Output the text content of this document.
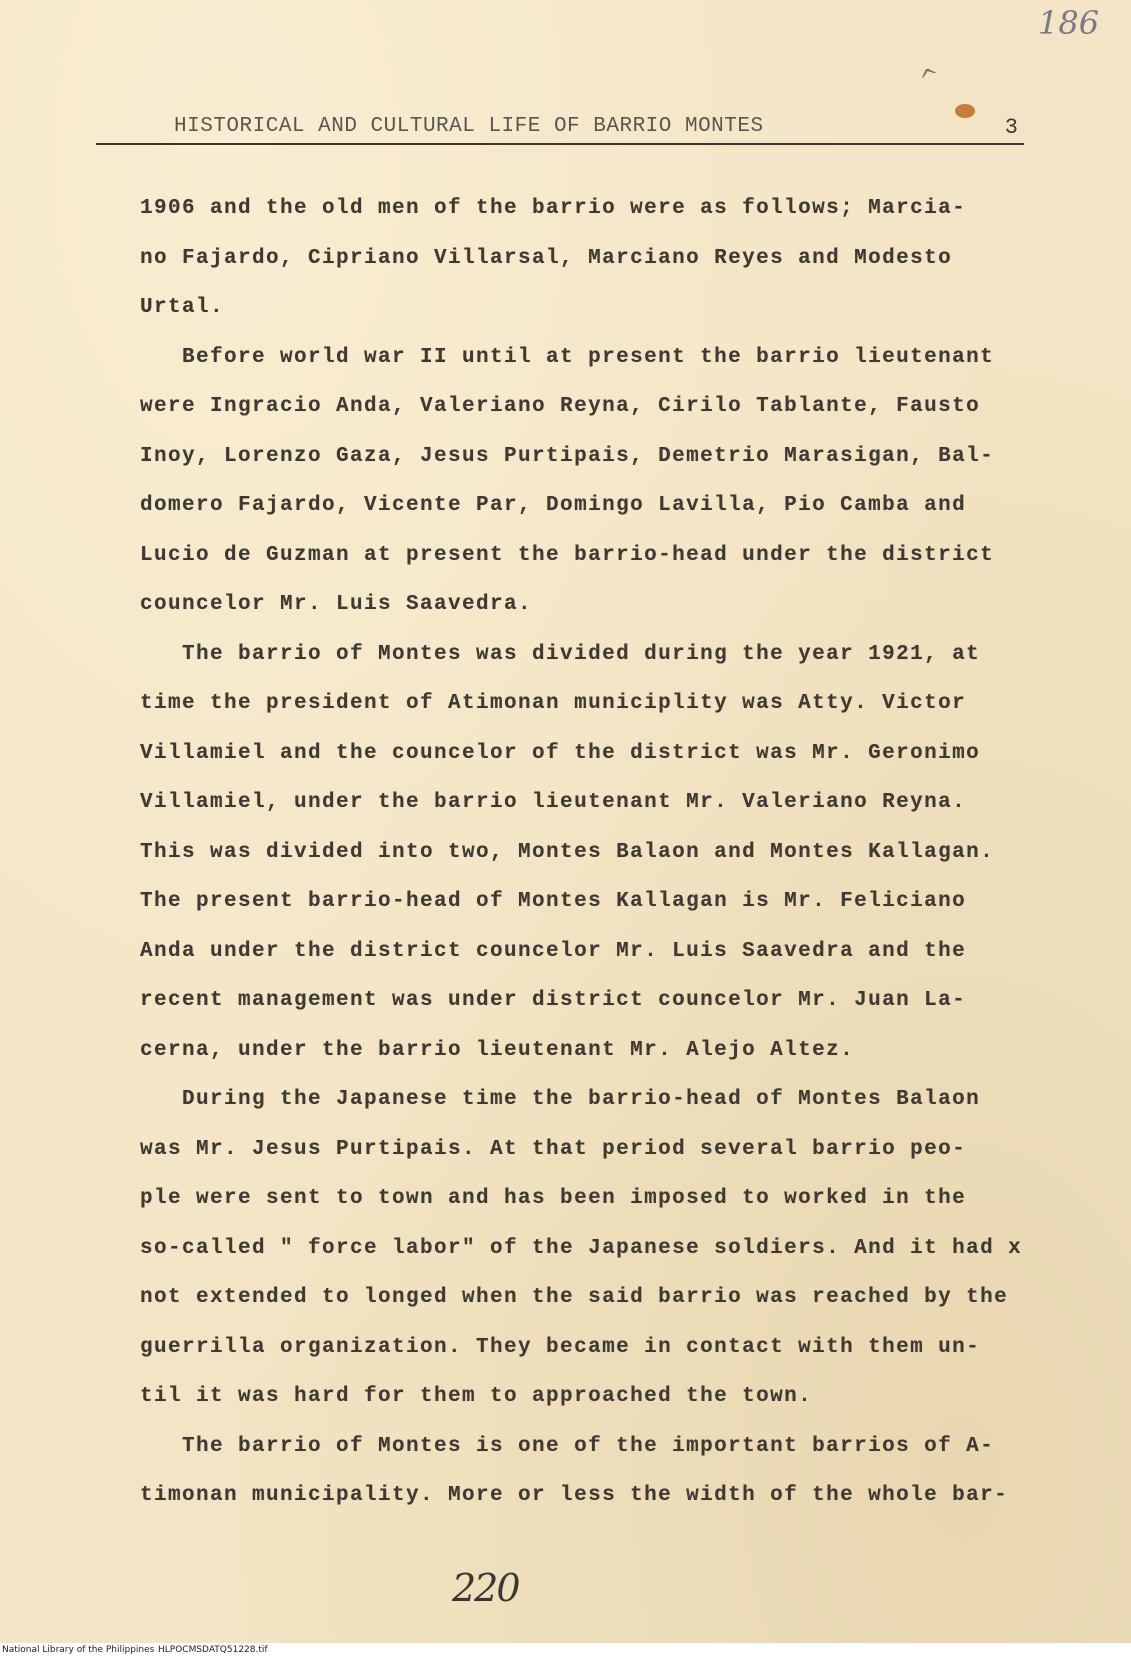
186
^
HISTORICAL AND CULTURAL LIFE OF BARRIO MONTES	3
1906 and the old men of the barrio were as follows; Marcia-
no Fajardo, Cipriano Villarsal, Marciano Reyes and Modesto
Urtal.
Before world war II until at present the barrio lieutenant
were Ingracio Anda, Valeriano Reyna, Cirilo Tablante, Fausto
Inoy, Lorenzo Gaza, Jesus Purtipais, Demetrio Marasigan, Bal-
domero Fajardo, Vicente Par, Domingo Lavilla, Pio Camba and
Lucio de Guzman at present the barrio-head under the district
councelor Mr. Luis Saavedra.
The barrio of Montes was divided during the year 1921, at
time the president of Atimonan municiplity was Atty. Victor
Villamiel and the councelor of the district was Mr. Geronimo
Villamiel, under the barrio lieutenant Mr. Valeriano Reyna.
This was divided into two, Montes Balaon and Montes Kallagan.
The present barrio-head of Montes Kallagan is Mr. Feliciano
Anda under the district councelor Mr. Luis Saavedra and the
recent management was under district councelor Mr. Juan La-
cerna, under the barrio lieutenant Mr. Alejo Altez.
During the Japanese time the barrio-head of Montes Balaon
was Mr. Jesus Purtipais. At that period several barrio peo-
ple were sent to town and has been imposed to worked in the
so-called " force labor" of the Japanese soldiers. And it had x
not extended to longed when the said barrio was reached by the
guerrilla organization. They became in contact with them un-
til it was hard for them to approached the town.
The barrio of Montes is one of the important barrios of A-
timonan municipality. More or less the width of the whole bar-
220
National Library of the Philippines HLPOCMSDATQ51228.tif
